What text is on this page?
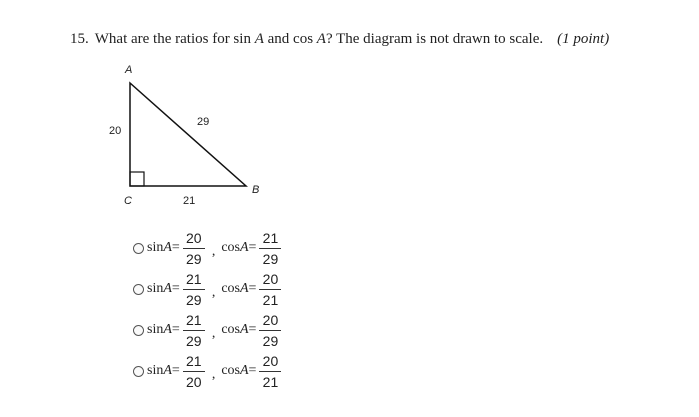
15. What are the ratios for sin A and cos A? The diagram is not drawn to scale. (1 point)
A
B
C
20
29
21
$\sin A = \frac{20}{29}$ , $\cos A = \frac{21}{29}$
$\sin A = \frac{21}{29}$ , $\cos A = \frac{20}{21}$
$\sin A = \frac{21}{29}$ , $\cos A = \frac{20}{29}$
$\sin A = \frac{21}{20}$ , $\cos A = \frac{20}{21}$
